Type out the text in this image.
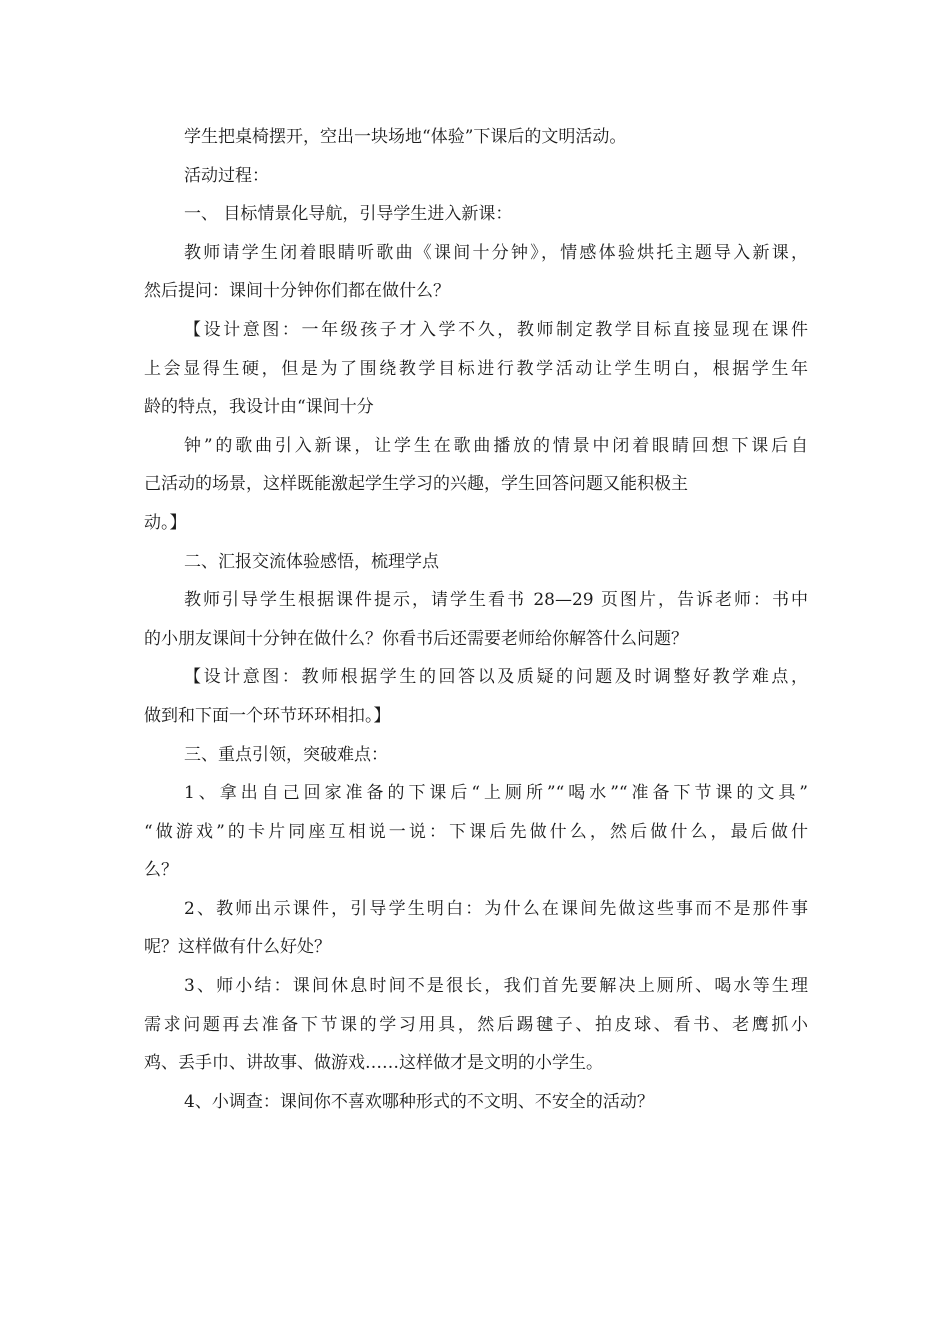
学生把桌椅摆开，空出一块场地“体验”下课后的文明活动。
活动过程：
一、 目标情景化导航，引导学生进入新课：
教师请学生闭着眼睛听歌曲《课间十分钟》，情感体验烘托主题导入新课，
然后提问：课间十分钟你们都在做什么？
【设计意图：一年级孩子才入学不久，教师制定教学目标直接显现在课件
上会显得生硬，但是为了围绕教学目标进行教学活动让学生明白，根据学生年
龄的特点，我设计由“课间十分
钟”的歌曲引入新课，让学生在歌曲播放的情景中闭着眼睛回想下课后自
己活动的场景，这样既能激起学生学习的兴趣，学生回答问题又能积极主
动。】
二、汇报交流体验感悟，梳理学点
教师引导学生根据课件提示，请学生看书 28—29 页图片，告诉老师：书中
的小朋友课间十分钟在做什么？你看书后还需要老师给你解答什么问题？
【设计意图：教师根据学生的回答以及质疑的问题及时调整好教学难点，
做到和下面一个环节环环相扣。】
三、重点引领，突破难点：
1、拿出自己回家准备的下课后“上厕所”“喝水”“准备下节课的文具”
“做游戏”的卡片同座互相说一说：下课后先做什么，然后做什么，最后做什
么？
2、教师出示课件，引导学生明白：为什么在课间先做这些事而不是那件事
呢？这样做有什么好处？
3、师小结：课间休息时间不是很长，我们首先要解决上厕所、喝水等生理
需求问题再去准备下节课的学习用具，然后踢毽子、拍皮球、看书、老鹰抓小
鸡、丢手巾、讲故事、做游戏……这样做才是文明的小学生。
4、小调查：课间你不喜欢哪种形式的不文明、不安全的活动？
